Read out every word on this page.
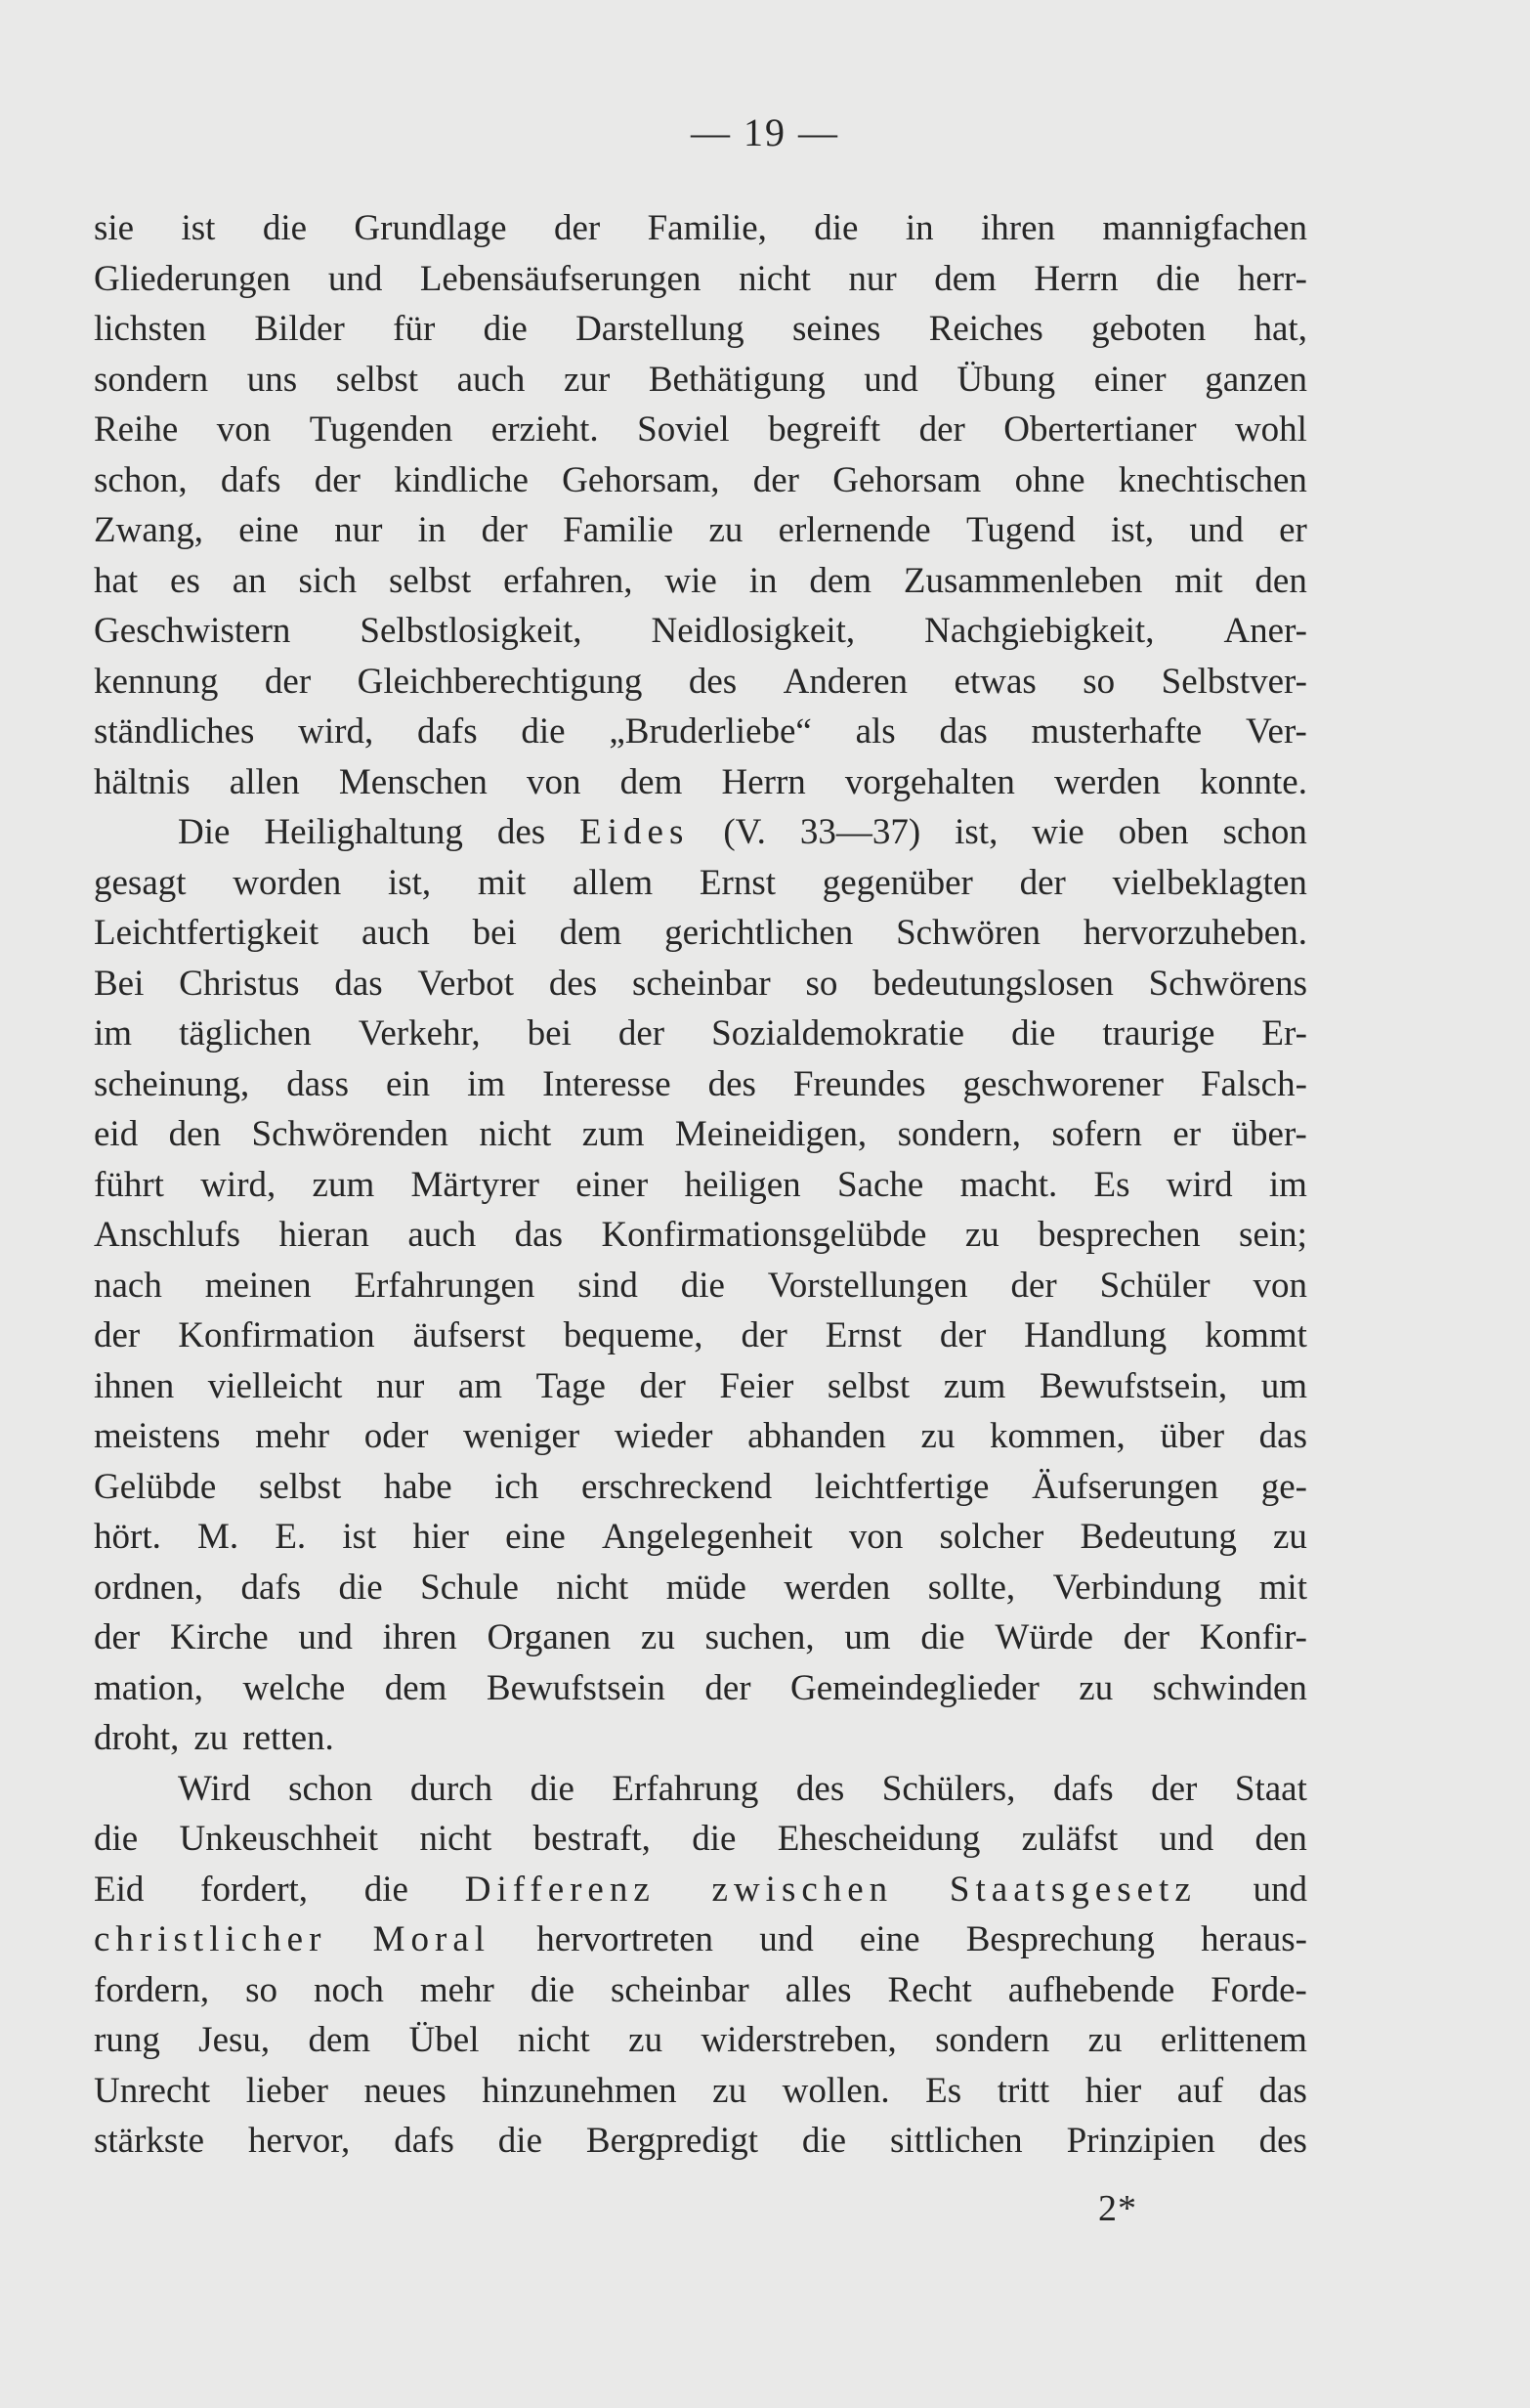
— 19 —
sie ist die Grundlage der Familie, die in ihren mannigfachen
Gliederungen und Lebensäufserungen nicht nur dem Herrn die herr-
lichsten Bilder für die Darstellung seines Reiches geboten hat,
sondern uns selbst auch zur Bethätigung und Übung einer ganzen
Reihe von Tugenden erzieht. Soviel begreift der Obertertianer wohl
schon, dafs der kindliche Gehorsam, der Gehorsam ohne knechtischen
Zwang, eine nur in der Familie zu erlernende Tugend ist, und er
hat es an sich selbst erfahren, wie in dem Zusammenleben mit den
Geschwistern Selbstlosigkeit, Neidlosigkeit, Nachgiebigkeit, Aner-
kennung der Gleichberechtigung des Anderen etwas so Selbstver-
ständliches wird, dafs die „Bruderliebe“ als das musterhafte Ver-
hältnis allen Menschen von dem Herrn vorgehalten werden konnte.
Die Heilighaltung des Eides (V. 33—37) ist, wie oben schon
gesagt worden ist, mit allem Ernst gegenüber der vielbeklagten
Leichtfertigkeit auch bei dem gerichtlichen Schwören hervorzuheben.
Bei Christus das Verbot des scheinbar so bedeutungslosen Schwörens
im täglichen Verkehr, bei der Sozialdemokratie die traurige Er-
scheinung, dass ein im Interesse des Freundes geschworener Falsch-
eid den Schwörenden nicht zum Meineidigen, sondern, sofern er über-
führt wird, zum Märtyrer einer heiligen Sache macht. Es wird im
Anschlufs hieran auch das Konfirmationsgelübde zu besprechen sein;
nach meinen Erfahrungen sind die Vorstellungen der Schüler von
der Konfirmation äufserst bequeme, der Ernst der Handlung kommt
ihnen vielleicht nur am Tage der Feier selbst zum Bewufstsein, um
meistens mehr oder weniger wieder abhanden zu kommen, über das
Gelübde selbst habe ich erschreckend leichtfertige Äufserungen ge-
hört. M. E. ist hier eine Angelegenheit von solcher Bedeutung zu
ordnen, dafs die Schule nicht müde werden sollte, Verbindung mit
der Kirche und ihren Organen zu suchen, um die Würde der Konfir-
mation, welche dem Bewufstsein der Gemeindeglieder zu schwinden
droht, zu retten.
Wird schon durch die Erfahrung des Schülers, dafs der Staat
die Unkeuschheit nicht bestraft, die Ehescheidung zuläfst und den
Eid fordert, die Differenz zwischen Staatsgesetz und
christlicher Moral hervortreten und eine Besprechung heraus-
fordern, so noch mehr die scheinbar alles Recht aufhebende Forde-
rung Jesu, dem Übel nicht zu widerstreben, sondern zu erlittenem
Unrecht lieber neues hinzunehmen zu wollen. Es tritt hier auf das
stärkste hervor, dafs die Bergpredigt die sittlichen Prinzipien des
2*
